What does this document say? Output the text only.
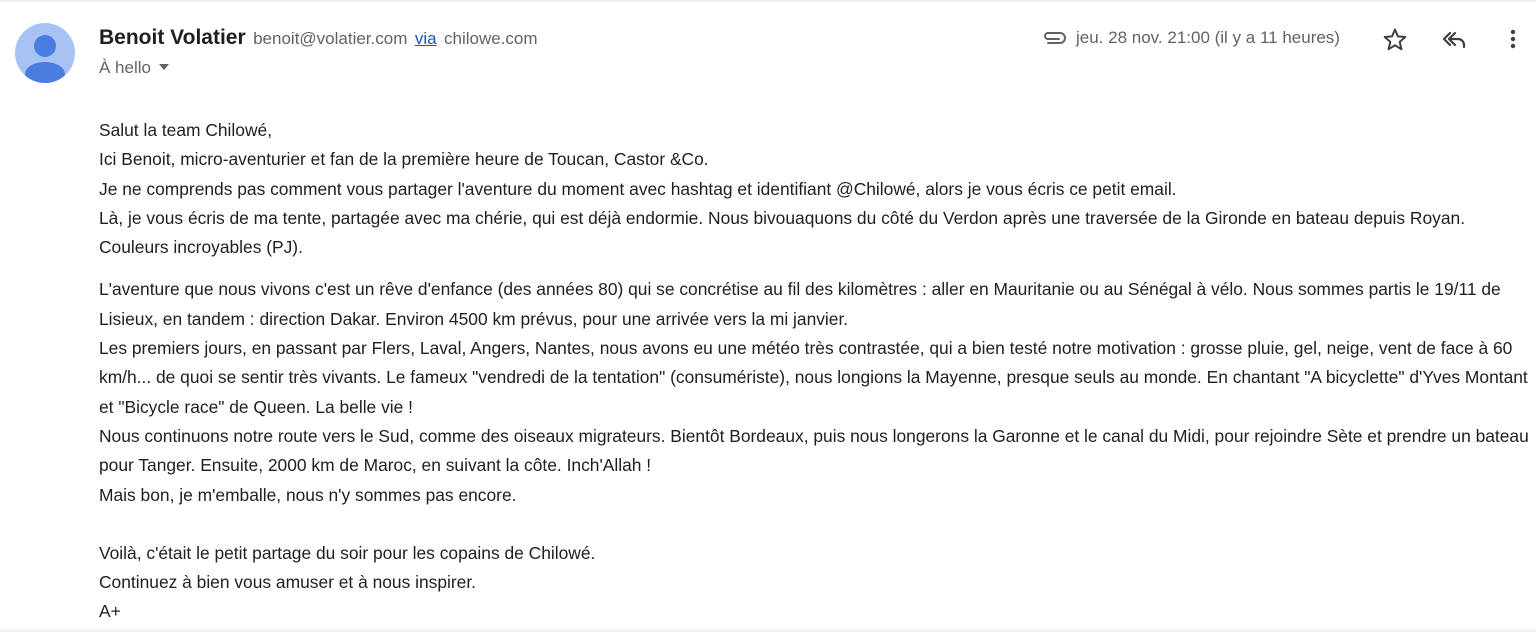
Benoit Volatier benoit@volatier.com via chilowe.com
À hello
jeu. 28 nov. 21:00 (il y a 11 heures)

Salut la team Chilowé,

Ici Benoit, micro-aventurier et fan de la première heure de Toucan, Castor &Co.

Je ne comprends pas comment vous partager l'aventure du moment avec hashtag et identifiant @Chilowé, alors je vous écris ce petit email.

Là, je vous écris de ma tente, partagée avec ma chérie, qui est déjà endormie. Nous bivouaquons du côté du Verdon après une traversée de la Gironde en bateau depuis Royan. Couleurs incroyables (PJ).

L'aventure que nous vivons c'est un rêve d'enfance (des années 80) qui se concrétise au fil des kilomètres : aller en Mauritanie ou au Sénégal à vélo. Nous sommes partis le 19/11 de Lisieux, en tandem : direction Dakar. Environ 4500 km prévus, pour une arrivée vers la mi janvier.

Les premiers jours, en passant par Flers, Laval, Angers, Nantes, nous avons eu une météo très contrastée, qui a bien testé notre motivation : grosse pluie, gel, neige, vent de face à 60 km/h... de quoi se sentir très vivants. Le fameux "vendredi de la tentation" (consumériste), nous longions la Mayenne, presque seuls au monde. En chantant "A bicyclette" d'Yves Montant et "Bicycle race" de Queen. La belle vie !

Nous continuons notre route vers le Sud, comme des oiseaux migrateurs. Bientôt Bordeaux, puis nous longerons la Garonne et le canal du Midi, pour rejoindre Sète et prendre un bateau pour Tanger. Ensuite, 2000 km de Maroc, en suivant la côte. Inch'Allah !

Mais bon, je m'emballe, nous n'y sommes pas encore.

Voilà, c'était le petit partage du soir pour les copains de Chilowé.

Continuez à bien vous amuser et à nous inspirer.

A+
